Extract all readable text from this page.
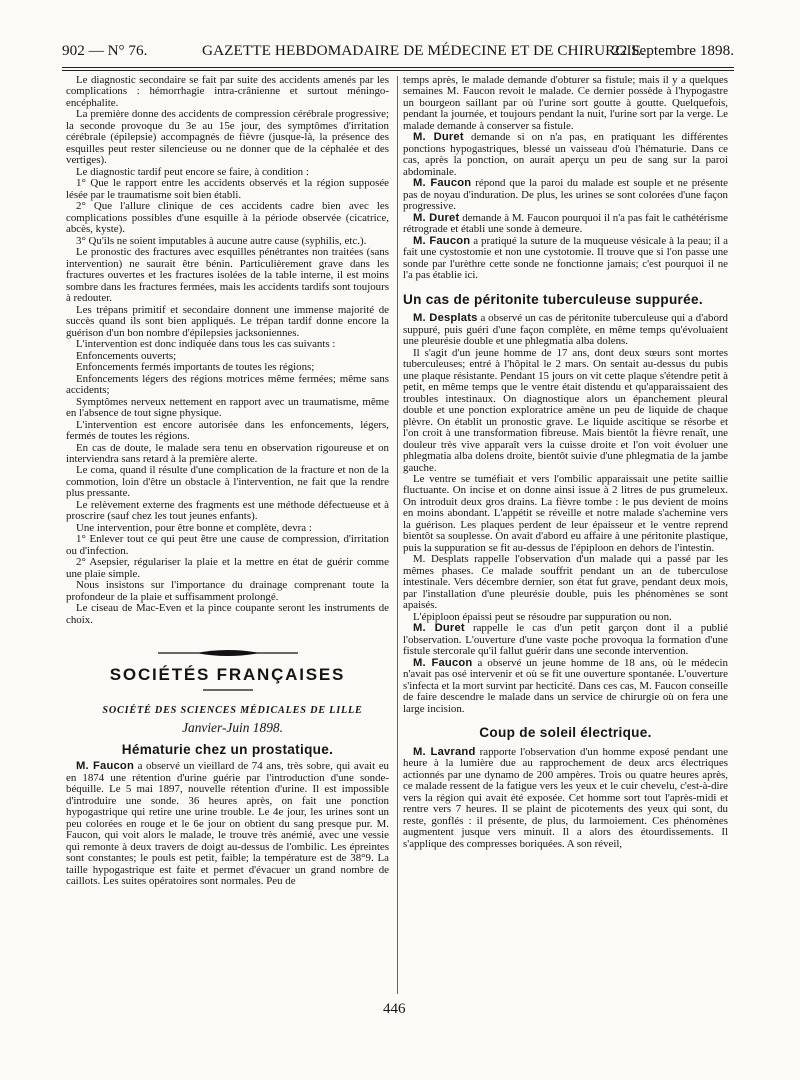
902 — N° 76.	GAZETTE HEBDOMADAIRE DE MÉDECINE ET DE CHIRURGIE.
22 Septembre 1898.

Le diagnostic secondaire se fait par suite des accidents amenés par les complications : hémorrhagie intra-crânienne et surtout méningo-encéphalite.

La première donne des accidents de compression cérébrale progressive; la seconde provoque du 3e au 15e jour, des symptômes d'irritation cérébrale (épilepsie) accompagnés de fièvre (jusque-là, la présence des esquilles peut rester silencieuse ou ne donner que de la céphalée et des vertiges).

Le diagnostic tardif peut encore se faire, à condition :

1° Que le rapport entre les accidents observés et la région supposée lésée par le traumatisme soit bien établi.

2° Que l'allure clinique de ces accidents cadre bien avec les complications possibles d'une esquille à la période observée (cicatrice, abcès, kyste).

3° Qu'ils ne soient imputables à aucune autre cause (syphilis, etc.).

Le pronostic des fractures avec esquilles pénétrantes non traitées (sans intervention) ne saurait être bénin. Particulièrement grave dans les fractures ouvertes et les fractures isolées de la table interne, il est moins sombre dans les fractures fermées, mais les accidents tardifs sont toujours à redouter.

Les trépans primitif et secondaire donnent une immense majorité de succès quand ils sont bien appliqués. Le trépan tardif donne encore la guérison d'un bon nombre d'épilepsies jacksoniennes.

L'intervention est donc indiquée dans tous les cas suivants :

Enfoncements ouverts;

Enfoncements fermés importants de toutes les régions;

Enfoncements légers des régions motrices même fermées; même sans accidents;

Symptômes nerveux nettement en rapport avec un traumatisme, même en l'absence de tout signe physique.

L'intervention est encore autorisée dans les enfoncements, légers, fermés de toutes les régions.

En cas de doute, le malade sera tenu en observation rigoureuse et on interviendra sans retard à la première alerte.

Le coma, quand il résulte d'une complication de la fracture et non de la commotion, loin d'être un obstacle à l'intervention, ne fait que la rendre plus pressante.

Le relèvement externe des fragments est une méthode défectueuse et à proscrire (sauf chez les tout jeunes enfants).

Une intervention, pour être bonne et complète, devra :

1° Enlever tout ce qui peut être une cause de compression, d'irritation ou d'infection.

2° Asepsier, régulariser la plaie et la mettre en état de guérir comme une plaie simple.

Nous insistons sur l'importance du drainage comprenant toute la profondeur de la plaie et suffisamment prolongé.

Le ciseau de Mac-Even et la pince coupante seront les instruments de choix.

SOCIÉTÉS FRANÇAISES

SOCIÉTÉ DES SCIENCES MÉDICALES DE LILLE

Janvier-Juin 1898.

Hématurie chez un prostatique.

M. Faucon a observé un vieillard de 74 ans, très sobre, qui avait eu en 1874 une rétention d'urine guérie par l'introduction d'une sonde-béquille. Le 5 mai 1897, nouvelle rétention d'urine. Il est impossible d'introduire une sonde. 36 heures après, on fait une ponction hypogastrique qui retire une urine trouble. Le 4e jour, les urines sont un peu colorées en rouge et le 6e jour on obtient du sang presque pur. M. Faucon, qui voit alors le malade, le trouve très anémié, avec une vessie qui remonte à deux travers de doigt au-dessus de l'ombilic. Les épreintes sont constantes; le pouls est petit, faible; la température est de 38°9. La taille hypogastrique est faite et permet d'évacuer un grand nombre de caillots. Les suites opératoires sont normales. Peu de

temps après, le malade demande d'obturer sa fistule; mais il y a quelques semaines M. Faucon revoit le malade. Ce dernier possède à l'hypogastre un bourgeon saillant par où l'urine sort goutte à goutte. Quelquefois, pendant la journée, et toujours pendant la nuit, l'urine sort par la verge. Le malade demande à conserver sa fistule.

M. Duret demande si on n'a pas, en pratiquant les différentes ponctions hypogastriques, blessé un vaisseau d'où l'hématurie. Dans ce cas, après la ponction, on aurait aperçu un peu de sang sur la paroi abdominale.

M. Faucon répond que la paroi du malade est souple et ne présente pas de noyau d'induration. De plus, les urines se sont colorées d'une façon progressive.

M. Duret demande à M. Faucon pourquoi il n'a pas fait le cathétérisme rétrograde et établi une sonde à demeure.

M. Faucon a pratiqué la suture de la muqueuse vésicale à la peau; il a fait une cystostomie et non une cystotomie. Il trouve que si l'on passe une sonde par l'urèthre cette sonde ne fonctionne jamais; c'est pourquoi il ne l'a pas établie ici.

Un cas de péritonite tuberculeuse suppurée.

M. Desplats a observé un cas de péritonite tuberculeuse qui a d'abord suppuré, puis guéri d'une façon complète, en même temps qu'évoluaient une pleurésie double et une phlegmatia alba dolens.

Il s'agit d'un jeune homme de 17 ans, dont deux sœurs sont mortes tuberculeuses; entré à l'hôpital le 2 mars. On sentait au-dessus du pubis une plaque résistante. Pendant 15 jours on vit cette plaque s'étendre petit à petit, en même temps que le ventre était distendu et qu'apparaissaient des troubles intestinaux. On diagnostique alors un épanchement pleural double et une ponction exploratrice amène un peu de liquide de chaque plèvre. On établit un pronostic grave. Le liquide ascitique se résorbe et l'on croit à une transformation fibreuse. Mais bientôt la fièvre renaît, une douleur très vive apparaît vers la cuisse droite et l'on voit évoluer une phlegmatia alba dolens droite, bientôt suivie d'une phlegmatia de la jambe gauche.

Le ventre se tuméfiait et vers l'ombilic apparaissait une petite saillie fluctuante. On incise et on donne ainsi issue à 2 litres de pus grumeleux. On introduit deux gros drains. La fièvre tombe : le pus devient de moins en moins abondant. L'appétit se réveille et notre malade s'achemine vers la guérison. Les plaques perdent de leur épaisseur et le ventre reprend bientôt sa souplesse. On avait d'abord eu affaire à une péritonite plastique, puis la suppuration se fit au-dessus de l'épiploon en dehors de l'intestin.

M. Desplats rappelle l'observation d'un malade qui a passé par les mêmes phases. Ce malade souffrit pendant un an de tuberculose intestinale. Vers décembre dernier, son état fut grave, pendant deux mois, par l'installation d'une pleurésie double, puis les phénomènes se sont apaisés.

L'épiploon épaissi peut se résoudre par suppuration ou non.

M. Duret rappelle le cas d'un petit garçon dont il a publié l'observation. L'ouverture d'une vaste poche provoqua la formation d'une fistule stercorale qu'il fallut guérir dans une seconde intervention.

M. Faucon a observé un jeune homme de 18 ans, où le médecin n'avait pas osé intervenir et où se fit une ouverture spontanée. L'ouverture s'infecta et la mort survint par hecticité. Dans ces cas, M. Faucon conseille de faire descendre le malade dans un service de chirurgie où on fera une large incision.

Coup de soleil électrique.

M. Lavrand rapporte l'observation d'un homme exposé pendant une heure à la lumière due au rapprochement de deux arcs électriques actionnés par une dynamo de 200 ampères. Trois ou quatre heures après, ce malade ressent de la fatigue vers les yeux et le cuir chevelu, c'est-à-dire vers la région qui avait été exposée. Cet homme sort tout l'après-midi et rentre vers 7 heures. Il se plaint de picotements des yeux qui sont, du reste, gonflés : il présente, de plus, du larmoiement. Ces phénomènes augmentent jusque vers minuit. Il a alors des étourdissements. Il s'applique des compresses boriquées. A son réveil,

446
